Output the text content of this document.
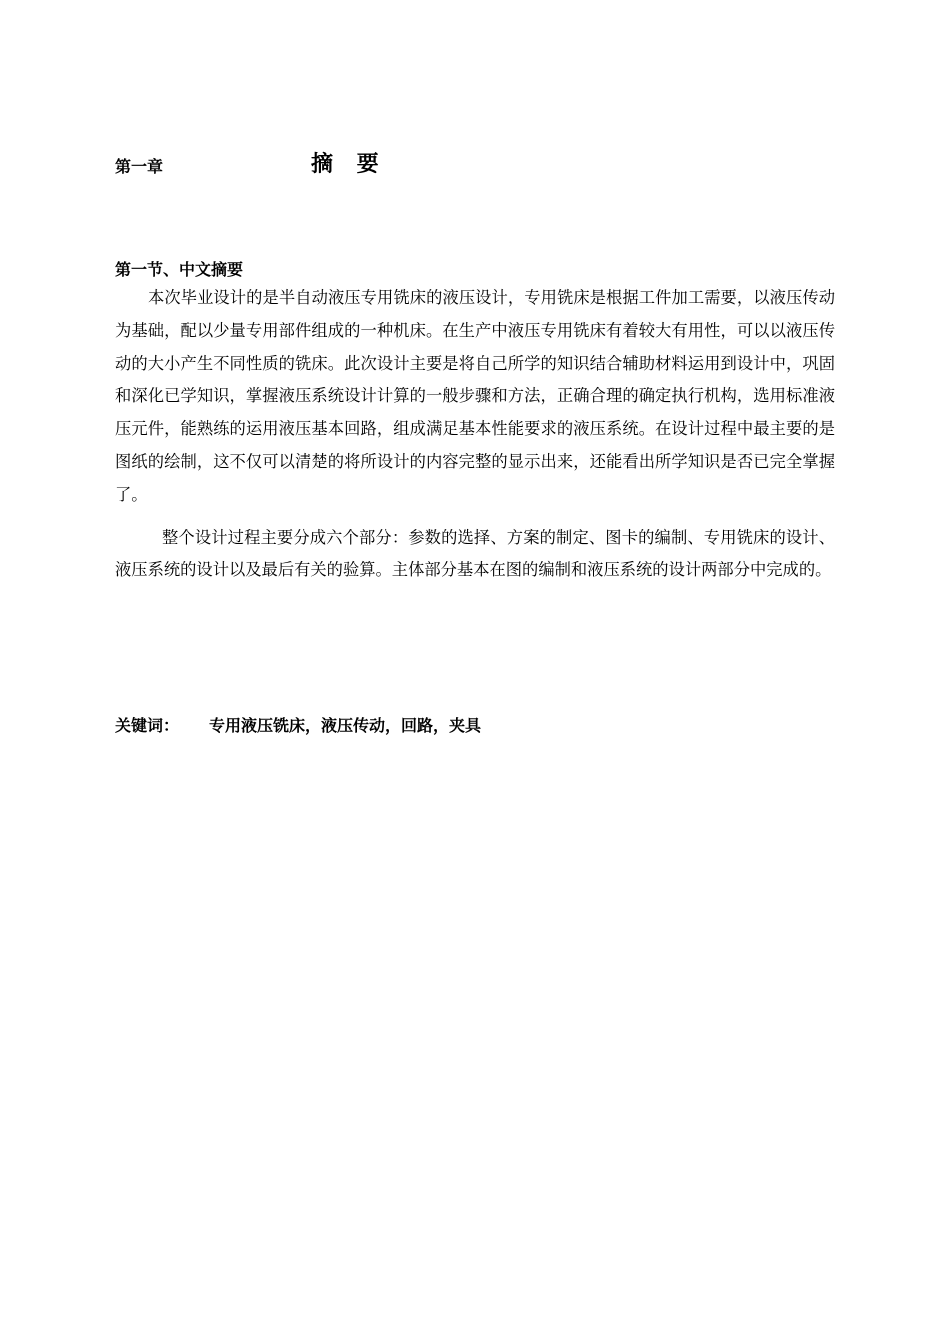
第一章	摘 要
第一节、中文摘要

本次毕业设计的是半自动液压专用铣床的液压设计，专用铣床是根据工件加工需要，以液压传动为基础，配以少量专用部件组成的一种机床。在生产中液压专用铣床有着较大有用性，可以以液压传动的大小产生不同性质的铣床。此次设计主要是将自己所学的知识结合辅助材料运用到设计中，巩固和深化已学知识，掌握液压系统设计计算的一般步骤和方法，正确合理的确定执行机构，选用标准液压元件，能熟练的运用液压基本回路，组成满足基本性能要求的液压系统。在设计过程中最主要的是图纸的绘制，这不仅可以清楚的将所设计的内容完整的显示出来，还能看出所学知识是否已完全掌握了。

整个设计过程主要分成六个部分：参数的选择、方案的制定、图卡的编制、专用铣床的设计、液压系统的设计以及最后有关的验算。主体部分基本在图的编制和液压系统的设计两部分中完成的。

关键词： 专用液压铣床，液压传动，回路，夹具
